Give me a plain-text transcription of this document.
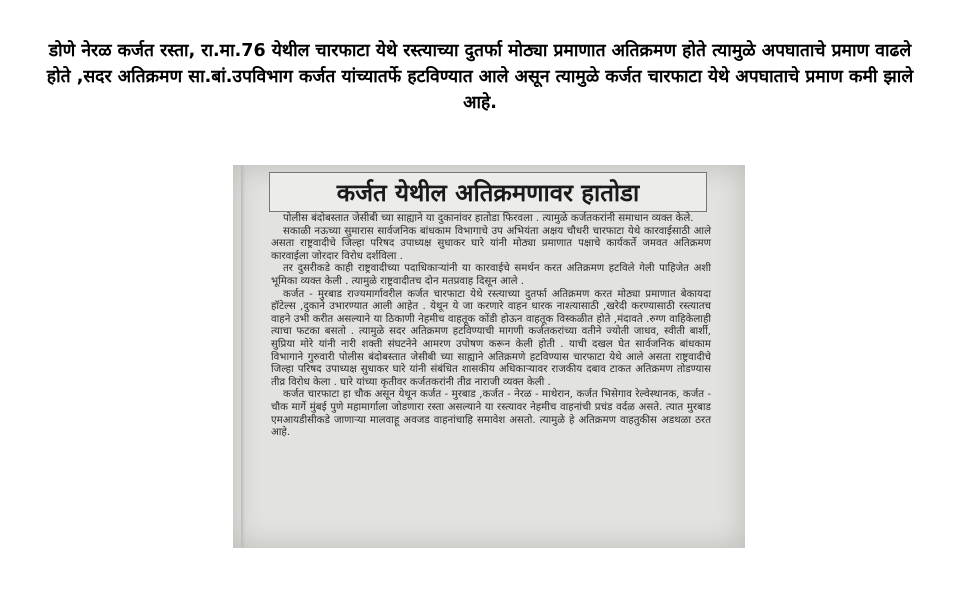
डोणे नेरळ कर्जत रस्ता, रा.मा.76 येथील चारफाटा येथे रस्त्याच्या दुतर्फा मोठ्या प्रमाणात अतिक्रमण होते त्यामुळे अपघाताचे प्रमाण वाढले होते ,सदर अतिक्रमण सा.बां.उपविभाग कर्जत यांच्यातर्फे हटविण्यात आले असून त्यामुळे कर्जत चारफाटा येथे अपघाताचे प्रमाण कमी झाले आहे.
कर्जत येथील अतिक्रमणावर हातोडा

पोलीस बंदोबस्तात जेसीबी च्या साह्याने या दुकानांवर हातोडा फिरवला . त्यामुळे कर्जतकरांनी समाधान व्यक्त केले.

सकाळी नऊच्या सुमारास सार्वजनिक बांधकाम विभागाचे उप अभियंता अक्षय चौधरी चारफाटा येथे कारवाईसाठी आले असता राष्ट्रवादीचे जिल्हा परिषद उपाध्यक्ष सुधाकर घारे यांनी मोठ्या प्रमाणात पक्षाचे कार्यकर्ते जमवत अतिक्रमण कारवाईला जोरदार विरोध दर्शविला .

तर दुसरीकडे काही राष्ट्रवादीच्या पदाधिकाऱ्यांनी या कारवाईचे समर्थन करत अतिक्रमण हटविले गेली पाहिजेत अशी भूमिका व्यक्त केली . त्यामुळे राष्ट्रवादीतच दोन मतप्रवाह दिसून आले .

कर्जत - मुरबाड राज्यमार्गावरील कर्जत चारफाटा येथे रस्त्याच्या दुतर्फा अतिक्रमण करत मोठ्या प्रमाणात बेकायदा हॉटेल्स ,दुकाने उभारण्यात आली आहेत . येथून ये जा करणारे वाहन धारक नाश्त्यासाठी ,खरेदी करण्यासाठी रस्त्यातच वाहने उभी करीत असल्याने या ठिकाणी नेहमीच वाहतूक कोंडी होऊन वाहतूक विस्कळीत होते ,मंदावते .रुग्ण वाहिकेलाही त्याचा फटका बसतो . त्यामुळे सदर अतिक्रमण हटविण्याची मागणी कर्जतकरांच्या वतीने ज्योती जाधव, स्वीती बार्शी, सुप्रिया मोरे यांनी नारी शक्ती संघटनेने आमरण उपोषण करून केली होती . याची दखल घेत सार्वजनिक बांधकाम विभागाने गुरुवारी पोलीस बंदोबस्तात जेसीबी च्या साह्याने अतिक्रमणे हटविण्यास चारफाटा येथे आले असता राष्ट्रवादीचे जिल्हा परिषद उपाध्यक्ष सुधाकर घारे यांनी संबंधित शासकीय अधिकाऱ्यावर राजकीय दबाव टाकत अतिक्रमण तोडण्यास तीव्र विरोध केला . घारे यांच्या कृतीवर कर्जतकरांनी तीव्र नाराजी व्यक्त केली .

कर्जत चारफाटा हा चौक असून येथून कर्जत - मुरबाड ,कर्जत - नेरळ - माथेरान, कर्जत भिसेगाव रेल्वेस्थानक, कर्जत - चौक मार्गे मुंबई पुणे महामार्गाला जोडणारा रस्ता असल्याने या रस्त्यावर नेहमीच वाहनांची प्रचंड वर्दळ असते. त्यात मुरबाड एमआयडीसीकडे जाणाऱ्या मालवाहू अवजड वाहनांचाहि समावेश असतो. त्यामुळे हे अतिक्रमण वाहतुकीस अडथळा ठरत आहे.
